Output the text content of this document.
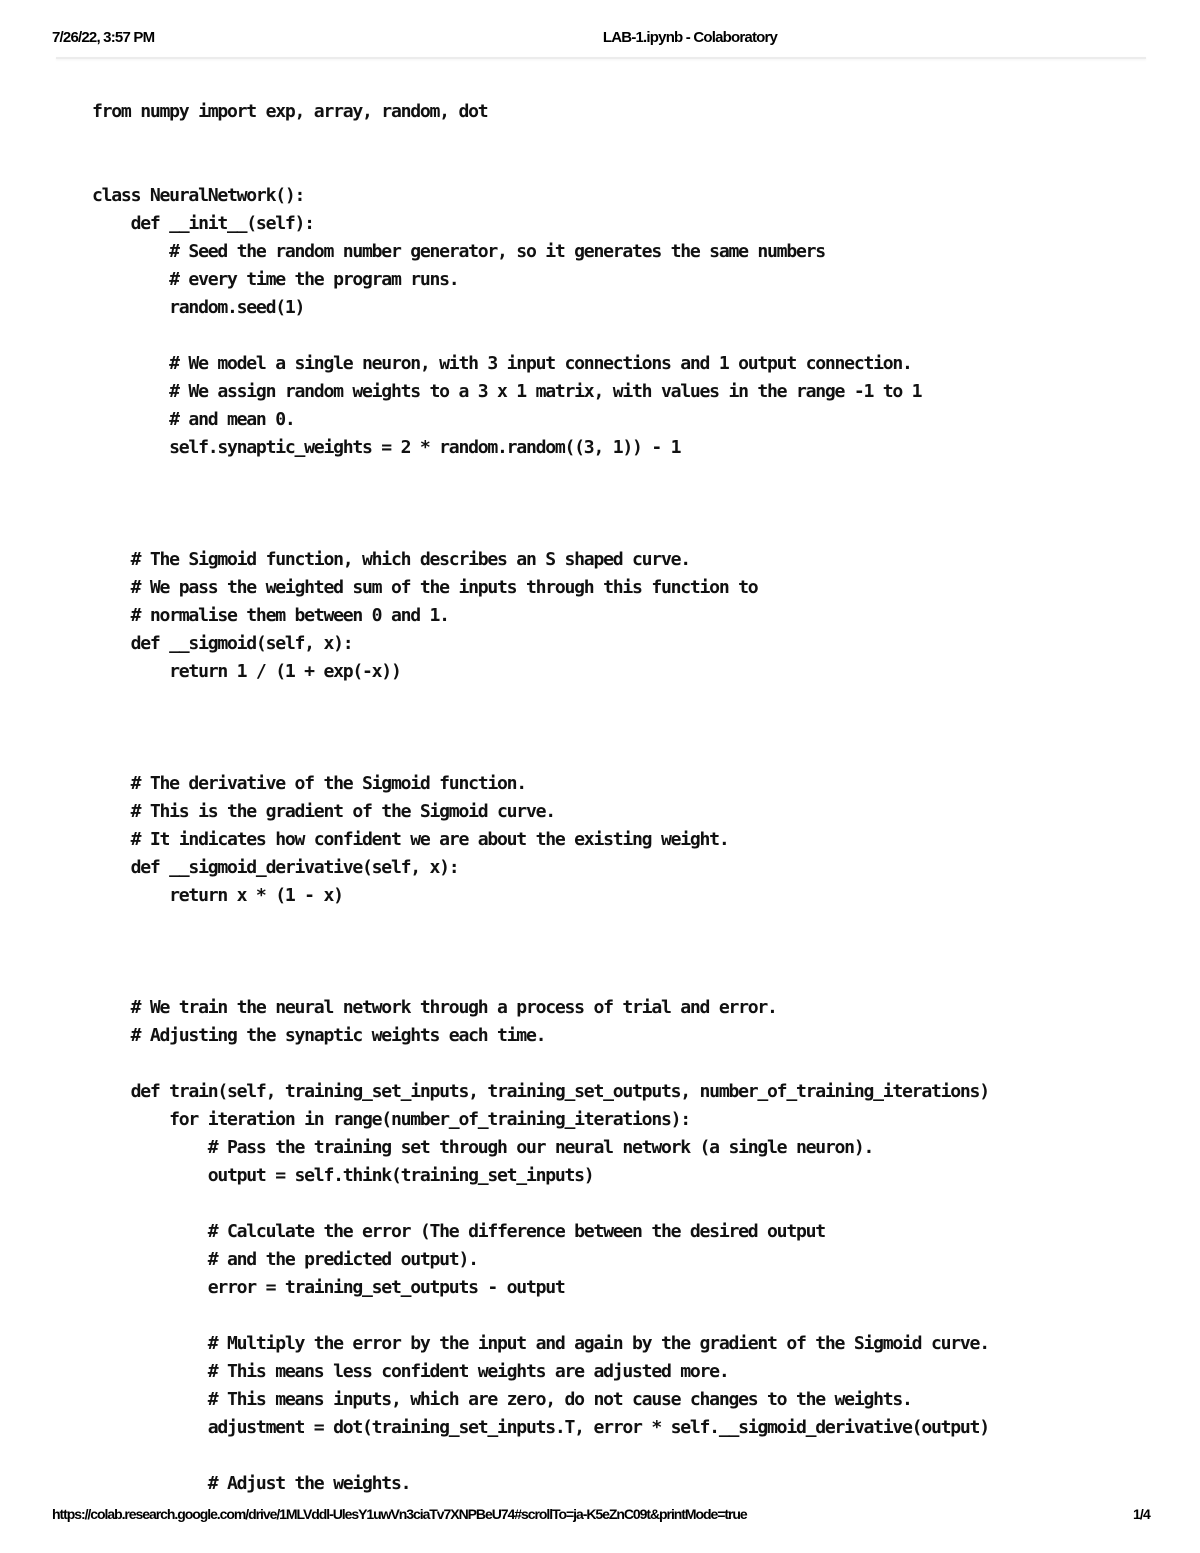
7/26/22, 3:57 PM	LAB-1.ipynb - Colaboratory
from numpy import exp, array, random, dot
class NeuralNetwork():
def __init__(self):
# Seed the random number generator, so it generates the same numbers
# every time the program runs.
random.seed(1)
# We model a single neuron, with 3 input connections and 1 output connection.
# We assign random weights to a 3 x 1 matrix, with values in the range -1 to 1
# and mean 0.
self.synaptic_weights = 2 * random.random((3, 1)) - 1
# The Sigmoid function, which describes an S shaped curve.
# We pass the weighted sum of the inputs through this function to
# normalise them between 0 and 1.
def __sigmoid(self, x):
return 1 / (1 + exp(-x))
# The derivative of the Sigmoid function.
# This is the gradient of the Sigmoid curve.
# It indicates how confident we are about the existing weight.
def __sigmoid_derivative(self, x):
return x * (1 - x)
# We train the neural network through a process of trial and error.
# Adjusting the synaptic weights each time.
def train(self, training_set_inputs, training_set_outputs, number_of_training_iterations)
for iteration in range(number_of_training_iterations):
# Pass the training set through our neural network (a single neuron).
output = self.think(training_set_inputs)
# Calculate the error (The difference between the desired output
# and the predicted output).
error = training_set_outputs - output
# Multiply the error by the input and again by the gradient of the Sigmoid curve.
# This means less confident weights are adjusted more.
# This means inputs, which are zero, do not cause changes to the weights.
adjustment = dot(training_set_inputs.T, error * self.__sigmoid_derivative(output)
# Adjust the weights.
https://colab.research.google.com/drive/1MLVddl-UlesY1uwVn3ciaTv7XNPBeU74#scrollTo=ja-K5eZnC09t&printMode=true	1/4
